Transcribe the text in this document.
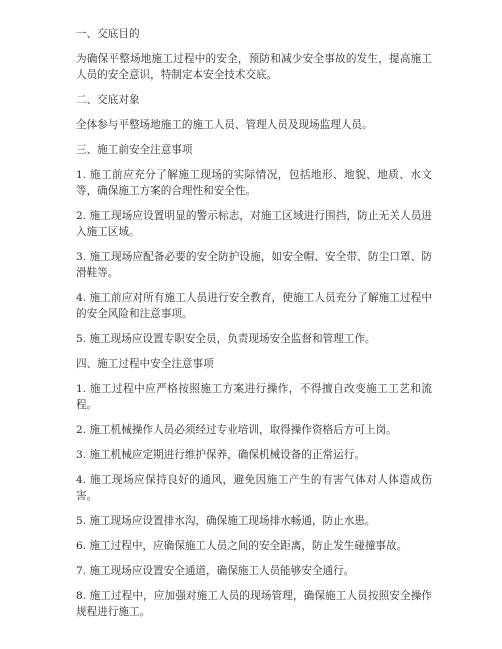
一、交底目的
为确保平整场地施工过程中的安全，预防和减少安全事故的发生，提高施工人员的安全意识，特制定本安全技术交底。
二、交底对象
全体参与平整场地施工的施工人员、管理人员及现场监理人员。
三、施工前安全注意事项
1. 施工前应充分了解施工现场的实际情况，包括地形、地貌、地质、水文等，确保施工方案的合理性和安全性。
2. 施工现场应设置明显的警示标志，对施工区域进行围挡，防止无关人员进入施工区域。
3. 施工现场应配备必要的安全防护设施，如安全帽、安全带、防尘口罩、防滑鞋等。
4. 施工前应对所有施工人员进行安全教育，使施工人员充分了解施工过程中的安全风险和注意事项。
5. 施工现场应设置专职安全员，负责现场安全监督和管理工作。
四、施工过程中安全注意事项
1. 施工过程中应严格按照施工方案进行操作，不得擅自改变施工工艺和流程。
2. 施工机械操作人员必须经过专业培训，取得操作资格后方可上岗。
3. 施工机械应定期进行维护保养，确保机械设备的正常运行。
4. 施工现场应保持良好的通风，避免因施工产生的有害气体对人体造成伤害。
5. 施工现场应设置排水沟，确保施工现场排水畅通，防止水患。
6. 施工过程中，应确保施工人员之间的安全距离，防止发生碰撞事故。
7. 施工现场应设置安全通道，确保施工人员能够安全通行。
8. 施工过程中，应加强对施工人员的现场管理，确保施工人员按照安全操作规程进行施工。
